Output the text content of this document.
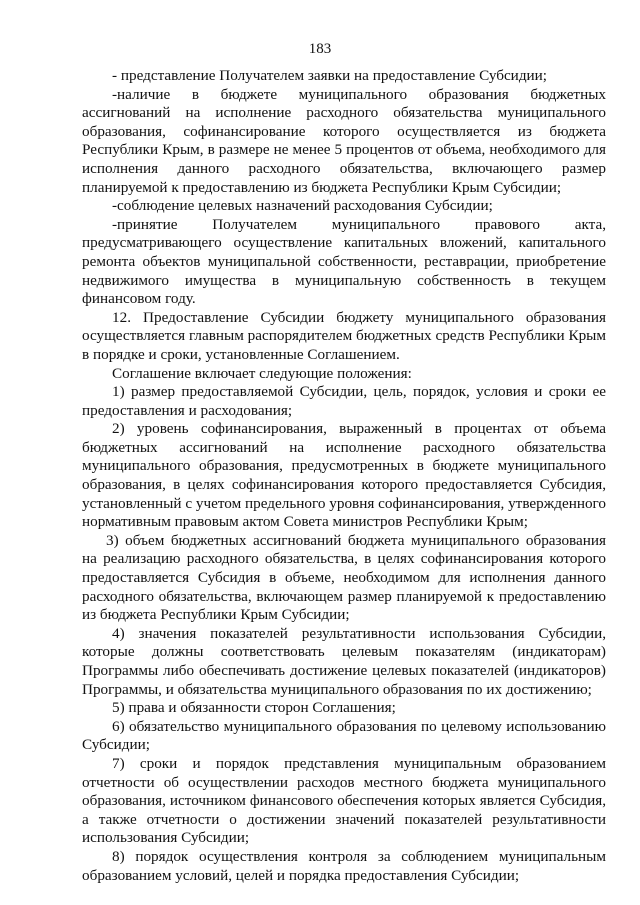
183

- представление Получателем заявки на предоставление Субсидии;

-наличие в бюджете муниципального образования бюджетных ассигнований на исполнение расходного обязательства муниципального образования, софинансирование которого осуществляется из бюджета Республики Крым, в размере не менее 5 процентов от объема, необходимого для исполнения данного расходного обязательства, включающего размер планируемой к предоставлению из бюджета Республики Крым Субсидии;

-соблюдение целевых назначений расходования Субсидии;

-принятие Получателем муниципального правового акта, предусматривающего осуществление капитальных вложений, капитального ремонта объектов муниципальной собственности, реставрации, приобретение недвижимого имущества в муниципальную собственность в текущем финансовом году.

12. Предоставление Субсидии бюджету муниципального образования осуществляется главным распорядителем бюджетных средств Республики Крым в порядке и сроки, установленные Соглашением.

Соглашение включает следующие положения:

1) размер предоставляемой Субсидии, цель, порядок, условия и сроки ее предоставления и расходования;

2) уровень софинансирования, выраженный в процентах от объема бюджетных ассигнований на исполнение расходного обязательства муниципального образования, предусмотренных в бюджете муниципального образования, в целях софинансирования которого предоставляется Субсидия, установленный с учетом предельного уровня софинансирования, утвержденного нормативным правовым актом Совета министров Республики Крым;

3) объем бюджетных ассигнований бюджета муниципального образования на реализацию расходного обязательства, в целях софинансирования которого предоставляется Субсидия в объеме, необходимом для исполнения данного расходного обязательства, включающем размер планируемой к предоставлению из бюджета Республики Крым Субсидии;

4) значения показателей результативности использования Субсидии, которые должны соответствовать целевым показателям (индикаторам) Программы либо обеспечивать достижение целевых показателей (индикаторов) Программы, и обязательства муниципального образования по их достижению;

5) права и обязанности сторон Соглашения;

6) обязательство муниципального образования по целевому использованию Субсидии;

7) сроки и порядок представления муниципальным образованием отчетности об осуществлении расходов местного бюджета муниципального образования, источником финансового обеспечения которых является Субсидия, а также отчетности о достижении значений показателей результативности использования Субсидии;

8) порядок осуществления контроля за соблюдением муниципальным образованием условий, целей и порядка предоставления Субсидии;
